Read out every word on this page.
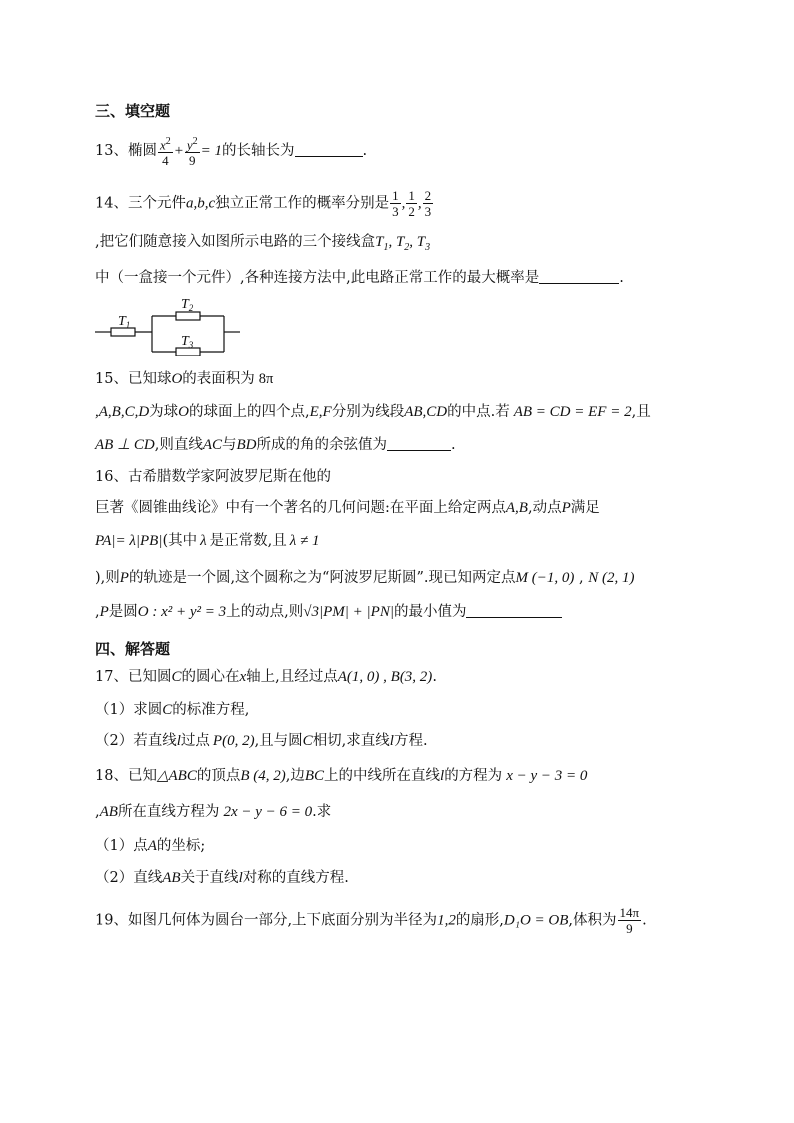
三、填空题
13、椭圆 $\frac{x^2}{4} + \frac{y^2}{9} = 1$的长轴长为	.
14、三个元件a,b,c独立正常工作的概率分别是 $\frac{1}{3}$ , $\frac{1}{2}$ , $\frac{2}{3}$
,把它们随意接入如图所示电路的三个接线盒$T_1$, $T_2$, $T_3$
中（一盒接一个元件）,各种连接方法中,此电路正常工作的最大概率是	.
$T_1$
$T_2$
$T_3$
15、已知球O的表面积为 8π
,A,B,C,D为球O的球面上的四个点,E,F分别为线段AB,CD的中点.若 AB = CD = EF = 2,且
AB ⊥ CD,则直线AC与BD所成的角的余弦值为	.
16、古希腊数学家阿波罗尼斯在他的
巨著《圆锥曲线论》中有一个著名的几何问题:在平面上给定两点A,B,动点P满足
PA|= λ|PB|(其中 λ 是正常数,且 λ ≠ 1
),则P的轨迹是一个圆,这个圆称之为“阿波罗尼斯圆”.现已知两定点M (−1, 0) , N (2, 1)
,P是圆O : x² + y² = 3上的动点,则√3|PM| + |PN|的最小值为
四、解答题
17、已知圆C的圆心在x轴上,且经过点A(1, 0) , B(3, 2).
（1）求圆C的标准方程,
（2）若直线l过点 P(0, 2),且与圆C相切,求直线l方程.
18、已知△ABC的顶点B (4, 2),边BC上的中线所在直线l的方程为 x − y − 3 = 0
,AB所在直线方程为 2x − y − 6 = 0.求
（1）点A的坐标;
（2）直线AB关于直线l对称的直线方程.
19、如图几何体为圆台一部分,上下底面分别为半径为1,2的扇形,D₁O = OB,体积为 $\frac{14\pi}{9}$ .
